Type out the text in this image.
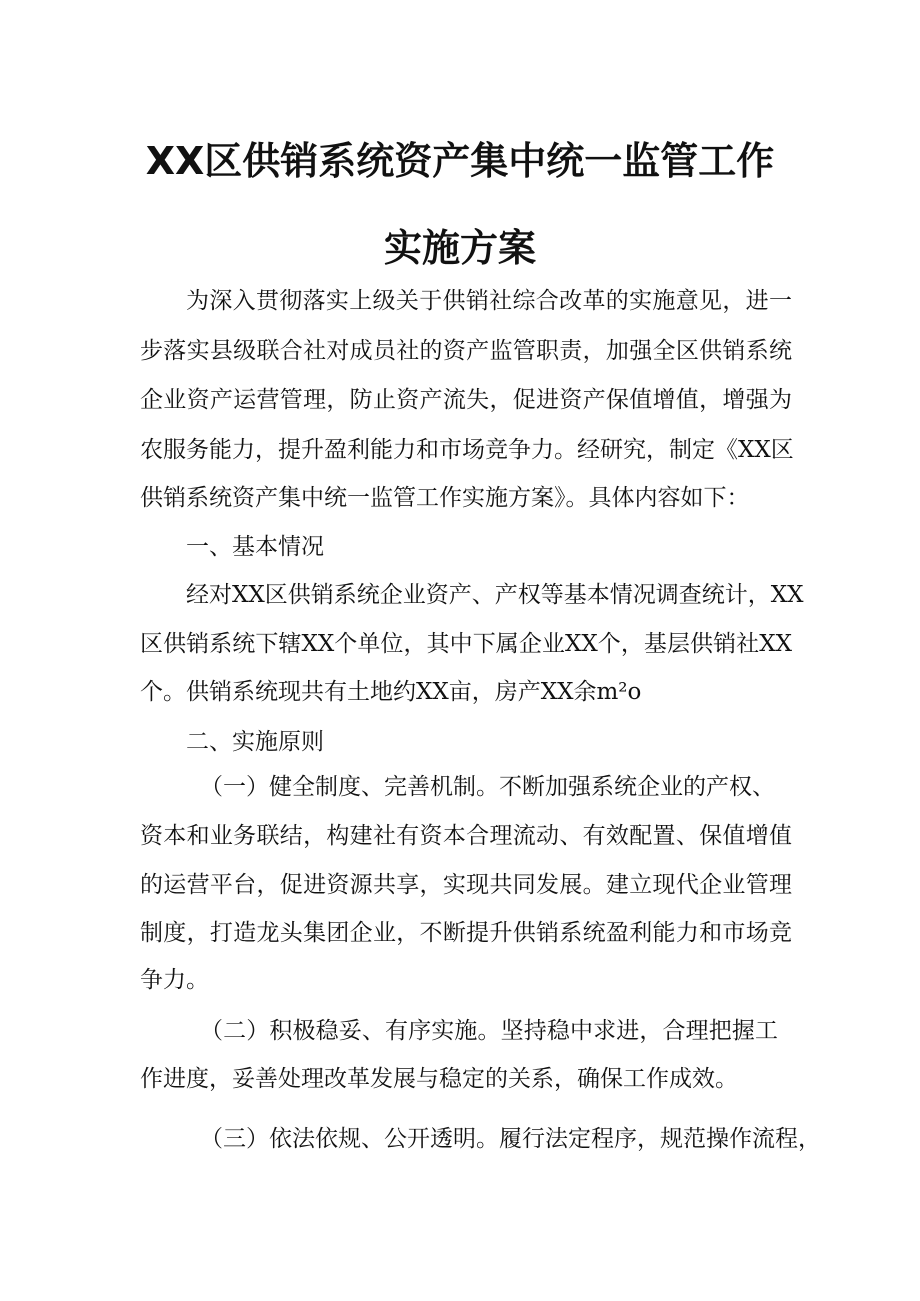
XX区供销系统资产集中统一监管工作
实施方案

为深入贯彻落实上级关于供销社综合改革的实施意见，进一

步落实县级联合社对成员社的资产监管职责，加强全区供销系统

企业资产运营管理，防止资产流失，促进资产保值增值，增强为

农服务能力，提升盈利能力和市场竞争力。经研究，制定《XX区

供销系统资产集中统一监管工作实施方案》。具体内容如下：

一、基本情况

经对XX区供销系统企业资产、产权等基本情况调查统计，XX

区供销系统下辖XX个单位，其中下属企业XX个，基层供销社XX

个。供销系统现共有土地约XX亩，房产XX余m²o

二、实施原则

（一）健全制度、完善机制。不断加强系统企业的产权、

资本和业务联结，构建社有资本合理流动、有效配置、保值增值

的运营平台，促进资源共享，实现共同发展。建立现代企业管理

制度，打造龙头集团企业，不断提升供销系统盈利能力和市场竞

争力。

（二）积极稳妥、有序实施。坚持稳中求进，合理把握工

作进度，妥善处理改革发展与稳定的关系，确保工作成效。

（三）依法依规、公开透明。履行法定程序，规范操作流程，
